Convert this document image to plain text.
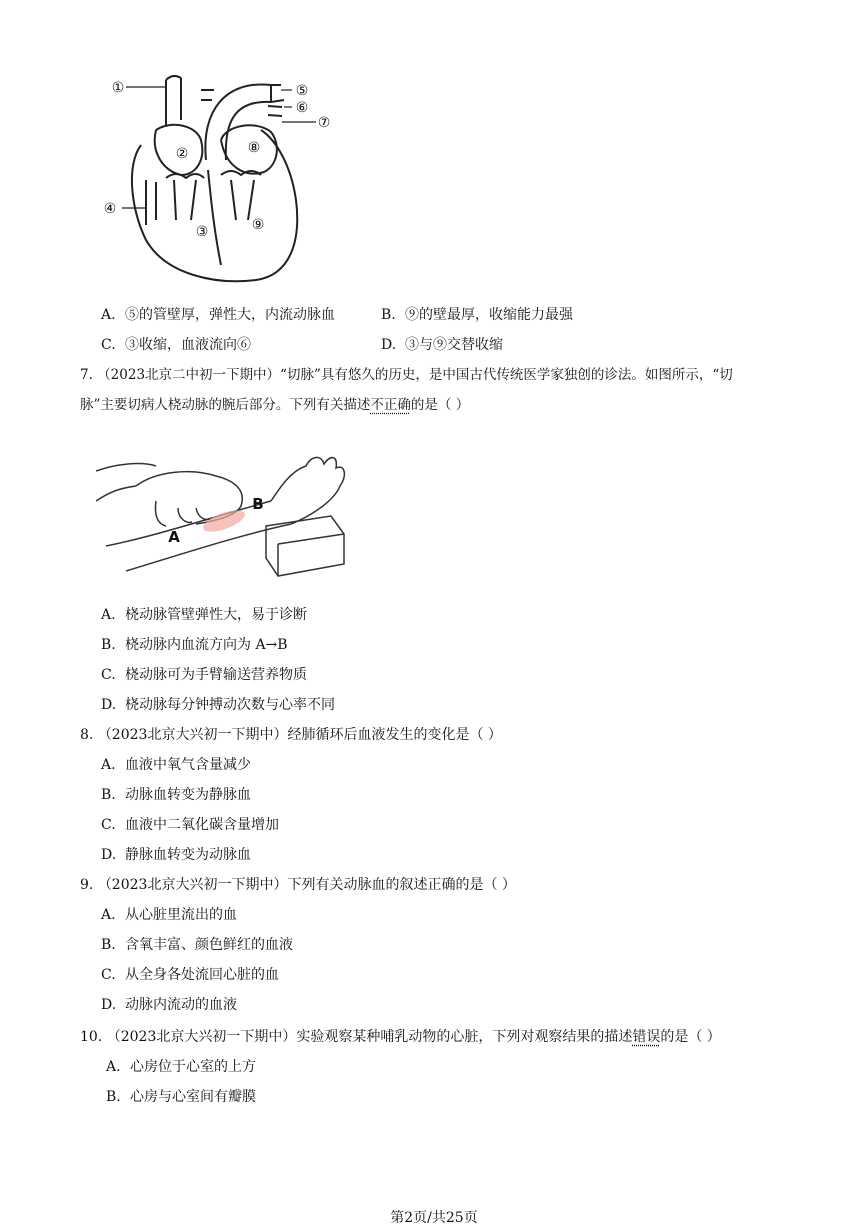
①
②
③
④
⑤
⑥
⑦
⑧
⑨
A. ⑤的管壁厚，弹性大，内流动脉血	B. ⑨的壁最厚，收缩能力最强
C. ③收缩，血液流向⑥	D. ③与⑨交替收缩
7. （2023北京二中初一下期中）“切脉”具有悠久的历史，是中国古代传统医学家独创的诊法。如图所示，“切
脉”主要切病人桡动脉的腕后部分。下列有关描述不正确的是（ ）
A
B
A. 桡动脉管壁弹性大，易于诊断
B. 桡动脉内血流方向为 A→B
C. 桡动脉可为手臂输送营养物质
D. 桡动脉每分钟搏动次数与心率不同
8. （2023北京大兴初一下期中）经肺循环后血液发生的变化是（ ）
A. 血液中氧气含量减少
B. 动脉血转变为静脉血
C. 血液中二氧化碳含量增加
D. 静脉血转变为动脉血
9. （2023北京大兴初一下期中）下列有关动脉血的叙述正确的是（ ）
A. 从心脏里流出的血
B. 含氧丰富、颜色鲜红的血液
C. 从全身各处流回心脏的血
D. 动脉内流动的血液
10. （2023北京大兴初一下期中）实验观察某种哺乳动物的心脏，下列对观察结果的描述错误的是（ ）
A. 心房位于心室的上方
B. 心房与心室间有瓣膜
第2页/共25页
